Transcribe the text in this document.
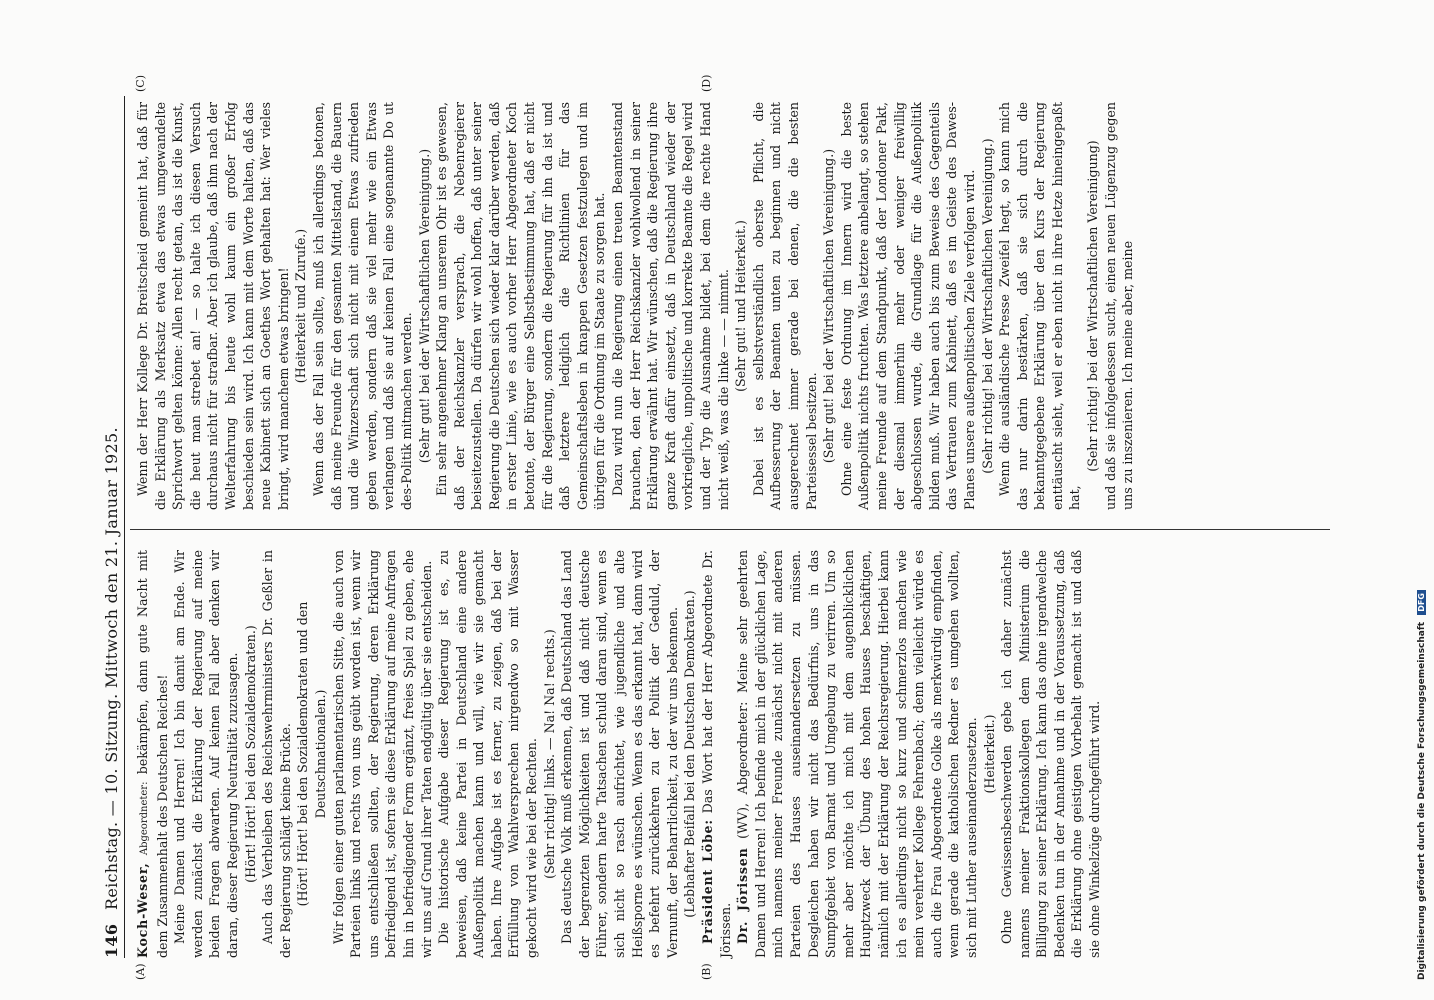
146
Reichstag. — 10. Sitzung. Mittwoch den 21. Januar 1925.
(A)	(B)
(C)	(D)

Koch-Weser, Abgeordneter: bekämpfen, dann gute Nacht mit dem Zusammenhalt des Deutschen Reiches! Meine Damen und Herren! Ich bin damit am Ende. Wir werden zunächst die Erklärung der Regierung auf meine beiden Fragen abwarten. Auf keinen Fall aber denken wir daran, dieser Regierung Neutralität zuzusagen. (Hört! Hört! bei den Sozialdemokraten.) Auch das Verbleiben des Reichswehrministers Dr. Geßler in der Regierung schlägt keine Brücke. (Hört! Hört! bei den Sozialdemokraten und den Deutschnationalen.) Wir folgen einer guten parlamentarischen Sitte, die auch von Parteien links und rechts von uns geübt worden ist, wenn wir uns entschließen sollten, der Regierung, deren Erklärung befriedigend ist, sofern sie diese Erklärung auf meine Anfragen hin in befriedigender Form ergänzt, freies Spiel zu geben, ehe wir uns auf Grund ihrer Taten endgültig über sie entscheiden. Die historische Aufgabe dieser Regierung ist es, zu beweisen, daß keine Partei in Deutschland eine andere Außenpolitik machen kann und will, wie wir sie gemacht haben. Ihre Aufgabe ist es ferner, zu zeigen, daß bei der Erfüllung von Wahlversprechen nirgendwo so mit Wasser gekocht wird wie bei der Rechten. (Sehr richtig! links. — Na! Na! rechts.) Das deutsche Volk muß erkennen, daß Deutschland das Land der begrenzten Möglichkeiten ist und daß nicht deutsche Führer, sondern harte Tatsachen schuld daran sind, wenn es sich nicht so rasch aufrichtet, wie jugendliche und alte Heißsporne es wünschen. Wenn es das erkannt hat, dann wird es befehrt zurückkehren zu der Politik der Geduld, der Vernunft, der Beharrlichkeit, zu der wir uns bekennen. (Lebhafter Beifall bei den Deutschen Demokraten.) Präsident Löbe: Das Wort hat der Herr Abgeordnete Dr. Jörissen. Dr. Jörissen (WV), Abgeordneter: Meine sehr geehrten Damen und Herren! Ich befinde mich in der glücklichen Lage, mich namens meiner Freunde zunächst nicht mit anderen Parteien des Hauses auseinandersetzen zu müssen. Desgleichen haben wir nicht das Bedürfnis, uns in das Sumpfgebiet von Barmat und Umgebung zu verirren. Um so mehr aber möchte ich mich mit dem augenblicklichen Hauptzweck der Übung des hohen Hauses beschäftigen, nämlich mit der Erklärung der Reichsregierung. Hierbei kann ich es allerdings nicht so kurz und schmerzlos machen wie mein verehrter Kollege Fehrenbach; denn vielleicht würde es auch die Frau Abgeordnete Golke als merkwürdig empfinden, wenn gerade die katholischen Redner es umgehen wollten, sich mit Luther auseinanderzusetzen. (Heiterkeit.) Ohne Gewissensbeschwerden gebe ich daher zunächst namens meiner Fraktionskollegen dem Ministerium die Billigung zu seiner Erklärung. Ich kann das ohne irgendwelche Bedenken tun in der Annahme und in der Voraussetzung, daß die Erklärung ohne geistigen Vorbehalt gemacht ist und daß sie ohne Winkelzüge durchgeführt wird.

Wenn der Herr Kollege Dr. Breitscheid gemeint hat, daß für die Erklärung als Merksatz etwa das etwas umgewandelte Sprichwort gelten könne: Allen recht getan, das ist die Kunst, die heut man strebet an! — so halte ich diesen Versuch durchaus nicht für strafbar. Aber ich glaube, daß ihm nach der Welterfahrung bis heute wohl kaum ein großer Erfolg beschieden sein wird. Ich kann mit dem Worte halten, daß das neue Kabinett sich an Goethes Wort gehalten hat: Wer vieles bringt, wird manchem etwas bringen! (Heiterkeit und Zurufe.) Wenn das der Fall sein sollte, muß ich allerdings betonen, daß meine Freunde für den gesamten Mittelstand, die Bauern und die Winzerschaft sich nicht mit einem Etwas zufrieden geben werden, sondern daß sie viel mehr wie ein Etwas verlangen und daß sie auf keinen Fall eine sogenannte Do ut des-Politik mitmachen werden. (Sehr gut! bei der Wirtschaftlichen Vereinigung.) Ein sehr angenehmer Klang an unserem Ohr ist es gewesen, daß der Reichskanzler versprach, die Nebenregierer beiseitezustellen. Da dürfen wir wohl hoffen, daß unter seiner Regierung die Deutschen sich wieder klar darüber werden, daß in erster Linie, wie es auch vorher Herr Abgeordneter Koch betonte, der Bürger eine Selbstbestimmung hat, daß er nicht für die Regierung, sondern die Regierung für ihn da ist und daß letztere lediglich die Richtlinien für das Gemeinschaftsleben in knappen Gesetzen festzulegen und im übrigen für die Ordnung im Staate zu sorgen hat. Dazu wird nun die Regierung einen treuen Beamtenstand brauchen, den der Herr Reichskanzler wohlwollend in seiner Erklärung erwähnt hat. Wir wünschen, daß die Regierung ihre ganze Kraft dafür einsetzt, daß in Deutschland wieder der vorkriegliche, unpolitische und korrekte Beamte die Regel wird und der Typ die Ausnahme bildet, bei dem die rechte Hand nicht weiß, was die linke — — nimmt. (Sehr gut! und Heiterkeit.) Dabei ist es selbstverständlich oberste Pflicht, die Aufbesserung der Beamten unten zu beginnen und nicht ausgerechnet immer gerade bei denen, die die besten Parteisessel besitzen. (Sehr gut! bei der Wirtschaftlichen Vereinigung.) Ohne eine feste Ordnung im Innern wird die beste Außenpolitik nichts fruchten. Was letztere anbelangt, so stehen meine Freunde auf dem Standpunkt, daß der Londoner Pakt, der diesmal immerhin mehr oder weniger freiwillig abgeschlossen wurde, die Grundlage für die Außenpolitik bilden muß. Wir haben auch bis zum Beweise des Gegenteils das Vertrauen zum Kabinett, daß es im Geiste des Dawes-Planes unsere außenpolitischen Ziele verfolgen wird. (Sehr richtig! bei der Wirtschaftlichen Vereinigung.) Wenn die ausländische Presse Zweifel hegt, so kann mich das nur darin bestärken, daß sie sich durch die bekanntgegebene Erklärung über den Kurs der Regierung enttäuscht sieht, weil er eben nicht in ihre Hetze hineingepaßt hat,

(Sehr richtig! bei der Wirtschaftlichen Vereinigung) und daß sie infolgedessen sucht, einen neuen Lügenzug gegen uns zu inszenieren. Ich meine aber, meine

Digitalisierung gefördert durch die Deutsche Forschungsgemeinschaft DFG
